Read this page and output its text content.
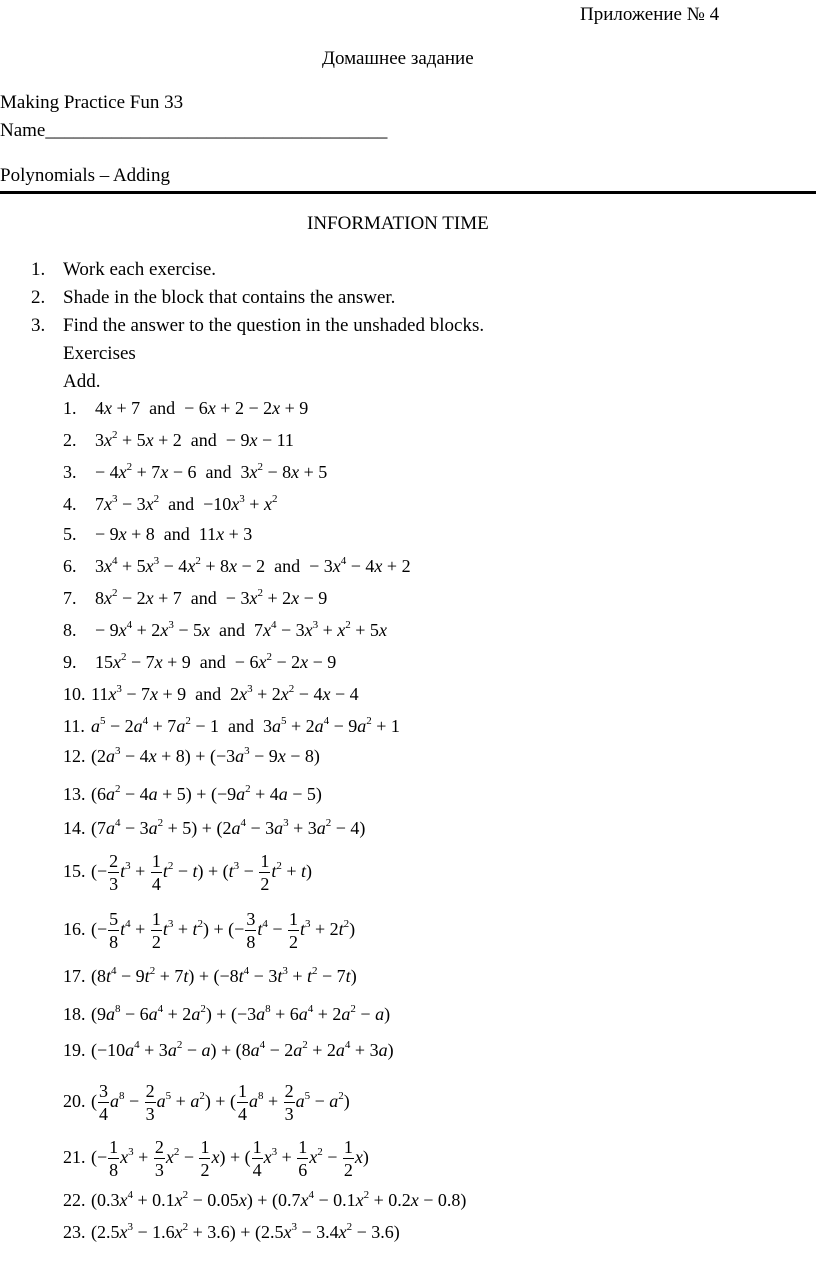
Приложение № 4
Домашнее задание
Making Practice Fun 33
Name____________________________________
Polynomials – Adding
INFORMATION TIME
1. Work each exercise.
2. Shade in the block that contains the answer.
3. Find the answer to the question in the unshaded blocks.
Exercises
Add.
1. 4x + 7  and  − 6x + 2 − 2x + 9
2. $3x^2 + 5x + 2$  and  − 9x − 11
3. − $4x^2 + 7x - 6$  and  $3x^2 - 8x + 5$
4. $7x^3 - 3x^2$  and  $-10x^3 + x^2$
5. − 9x + 8  and  11x + 3
6. $3x^4 + 5x^3 - 4x^2 + 8x - 2$  and  − $3x^4 - 4x + 2$
7. $8x^2 - 2x + 7$  and  − $3x^2 + 2x - 9$
8. − $9x^4 + 2x^3 - 5x$  and  $7x^4 - 3x^3 + x^2 + 5x$
9. $15x^2 - 7x + 9$  and  − $6x^2 - 2x - 9$
10. $11x^3 - 7x + 9$  and  $2x^3 + 2x^2 - 4x - 4$
11. $a^5 - 2a^4 + 7a^2 - 1$  and  $3a^5 + 2a^4 - 9a^2 + 1$
12. $(2a^3 - 4x + 8) + (-3a^3 - 9x - 8)$
13. $(6a^2 - 4a + 5) + (-9a^2 + 4a - 5)$
14. $(7a^4 - 3a^2 + 5) + (2a^4 - 3a^3 + 3a^2 - 4)$
15. (− $\frac{2}{3} t^3 + \frac{1}{4} t^2 - t) + (t^3 - \frac{1}{2} t^2 + t)$
16. (− $\frac{5}{8} t^4 + \frac{1}{2} t^3 + t^2$) + (− $\frac{3}{8} t^4 - \frac{1}{2} t^3 + 2t^2$)
17. $(8t^4 - 9t^2 + 7t) + (-8t^4 - 3t^3 + t^2 - 7t)$
18. $(9a^8 - 6a^4 + 2a^2) + (-3a^8 + 6a^4 + 2a^2 - a)$
19. $(-10a^4 + 3a^2 - a) + (8a^4 - 2a^2 + 2a^4 + 3a)$
20. ( $\frac{3}{4} a^8 - \frac{2}{3} a^5 + a^2$) + ( $\frac{1}{4} a^8 + \frac{2}{3} a^5 - a^2$)
21. (− $\frac{1}{8} x^3 + \frac{2}{3} x^2 - \frac{1}{2} x$) + ( $\frac{1}{4} x^3 + \frac{1}{6} x^2 - \frac{1}{2} x$)
22. $(0.3x^4 + 0.1x^2 - 0.05x) + (0.7x^4 - 0.1x^2 + 0.2x - 0.8)$
23. $(2.5x^3 - 1.6x^2 + 3.6) + (2.5x^3 - 3.4x^2 - 3.6)$
